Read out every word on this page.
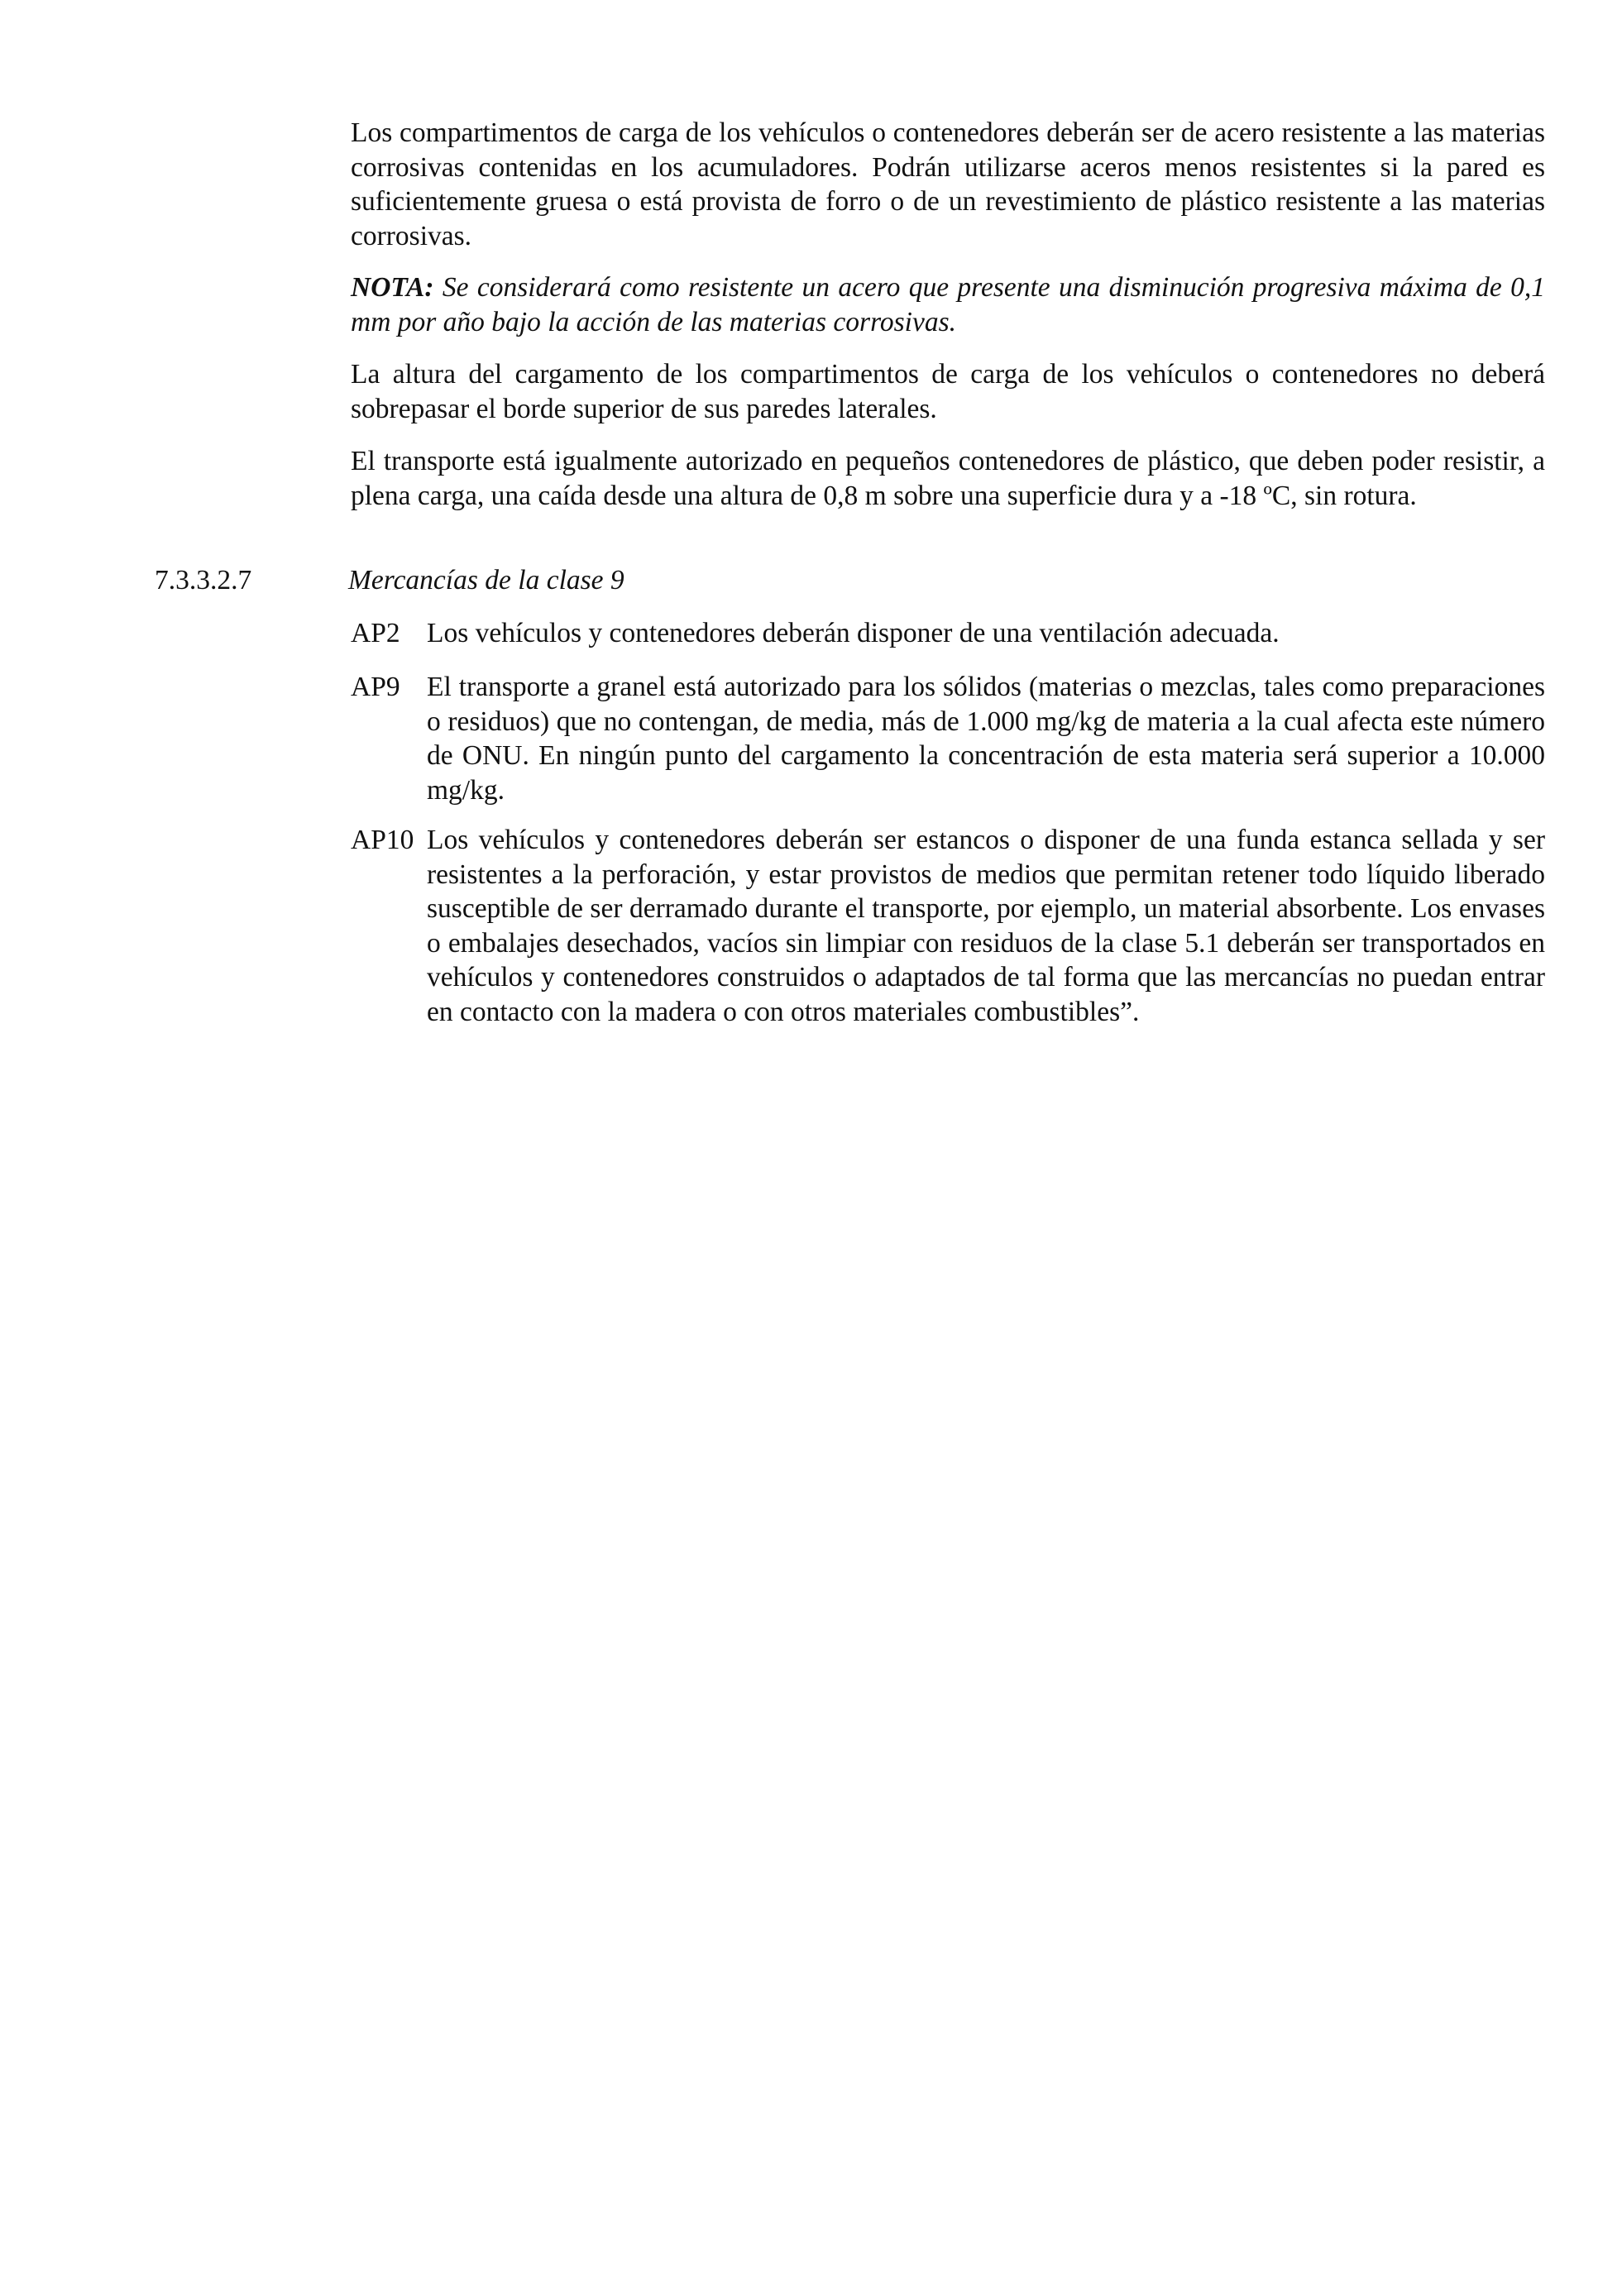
Los compartimentos de carga de los vehículos o contenedores deberán ser de acero resistente a las materias corrosivas contenidas en los acumuladores. Podrán utilizarse aceros menos resistentes si la pared es suficientemente gruesa o está provista de forro o de un revestimiento de plástico resistente a las materias corrosivas.

NOTA: Se considerará como resistente un acero que presente una disminución progresiva máxima de 0,1 mm por año bajo la acción de las materias corrosivas.

La altura del cargamento de los compartimentos de carga de los vehículos o contenedores no deberá sobrepasar el borde superior de sus paredes laterales.

El transporte está igualmente autorizado en pequeños contenedores de plástico, que deben poder resistir, a plena carga, una caída desde una altura de 0,8 m sobre una superficie dura y a -18 ºC, sin rotura.

7.3.3.2.7	Mercancías de la clase 9
AP2 Los vehículos y contenedores deberán disponer de una ventilación adecuada.
AP9 El transporte a granel está autorizado para los sólidos (materias o mezclas, tales como preparaciones o residuos) que no contengan, de media, más de 1.000 mg/kg de materia a la cual afecta este número de ONU. En ningún punto del cargamento la concentración de esta materia será superior a 10.000 mg/kg.
AP10 Los vehículos y contenedores deberán ser estancos o disponer de una funda estanca sellada y ser resistentes a la perforación, y estar provistos de medios que permitan retener todo líquido liberado susceptible de ser derramado durante el transporte, por ejemplo, un material absorbente. Los envases o embalajes desechados, vacíos sin limpiar con residuos de la clase 5.1 deberán ser transportados en vehículos y contenedores construidos o adaptados de tal forma que las mercancías no puedan entrar en contacto con la madera o con otros materiales combustibles”.
